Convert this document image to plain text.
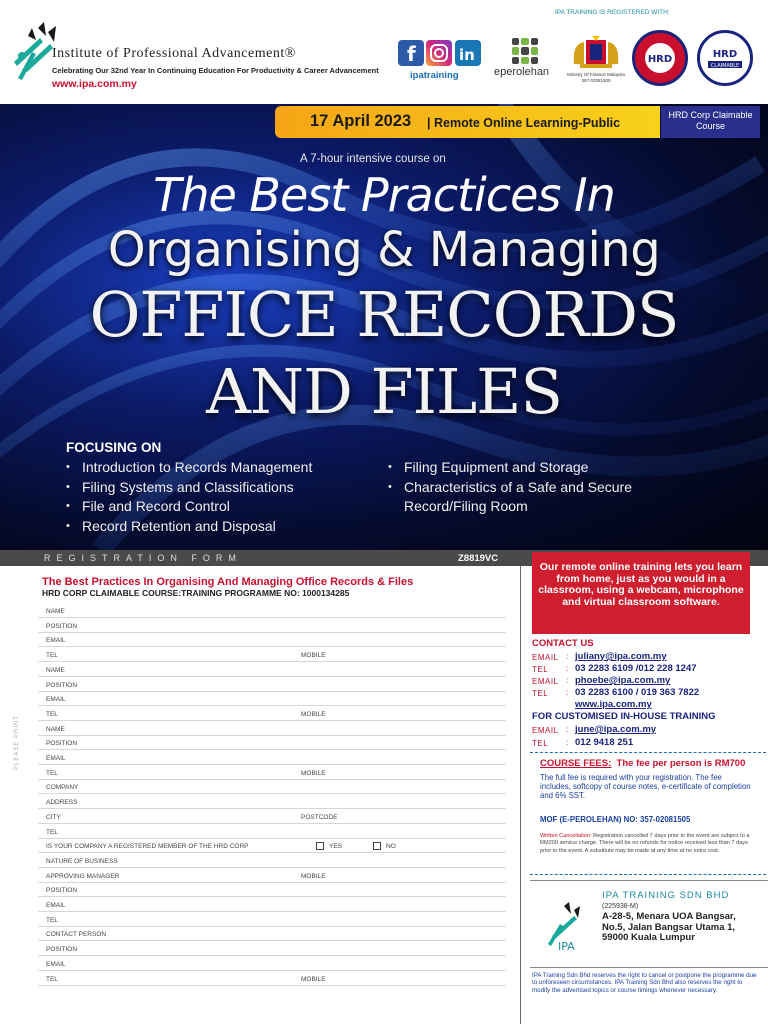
Institute of Professional Advancement®
Celebrating Our 32nd Year In Continuing Education For Productivity & Career Advancement
www.ipa.com.my
IPA TRAINING IS REGISTERED WITH:
f	in
ipatraining	eperolehan	Ministry Of Finance Malaysia
357-02081505
HRD	HRD
CLAIMABLE
17 April 2023 | Remote Online Learning-Public
HRD Corp Claimable Course
A 7-hour intensive course on
The Best Practices In
Organising & Managing
OFFICE RECORDS
AND FILES
FOCUSING ON
• Introduction to Records Management
• Filing Systems and Classifications
• File and Record Control
• Record Retention and Disposal
• Filing Equipment and Storage
• Characteristics of a Safe and Secure Record/Filing Room
REGISTRATION FORM	Z8819VC
The Best Practices In Organising And Managing Office Records & Files
HRD CORP CLAIMABLE COURSE:TRAINING PROGRAMME NO: 1000134285
PLEASE PRINT
NAME
POSITION
EMAIL
TEL	MOBILE
NAME
POSITION
EMAIL
TEL	MOBILE
NAME
POSITION
EMAIL
TEL	MOBILE
COMPANY
ADDRESS
CITY	POSTCODE
TEL
IS YOUR COMPANY A REGISTERED MEMBER OF THE HRD CORP	YES	NO
NATURE OF BUSINESS
APPROVING MANAGER	MOBILE
POSITION
EMAIL
TEL
CONTACT PERSON
POSITION
EMAIL
TEL	MOBILE
Our remote online training lets you learn from home, just as you would in a classroom, using a webcam, microphone and virtual classroom software.
CONTACT US
EMAIL : juliany@ipa.com.my
TEL : 03 2283 6109 /012 228 1247
EMAIL : phoebe@ipa.com.my
TEL : 03 2283 6100 / 019 363 7822
www.ipa.com.my
FOR CUSTOMISED IN-HOUSE TRAINING
EMAIL : june@ipa.com.my
TEL : 012 9418 251
COURSE FEES: The fee per person is RM700
The full fee is required with your registration. The fee includes, softcopy of course notes, e-certificate of completion and 6% SST.
MOF (E-PEROLEHAN) NO: 357-02081505
Written Cancellation: Registration cancelled 7 days prior to the event are subject to a RM200 service charge. There will be no refunds for notice received less than 7 days prior to the event. A substitute may be made at any time at no extra cost.
IPA
IPA TRAINING SDN BHD
(225938-M)
A-28-5, Menara UOA Bangsar,
No.5, Jalan Bangsar Utama 1,
59000 Kuala Lumpur
IPA Training Sdn Bhd reserves the right to cancel or postpone the programme due to unforeseen circumstances. IPA Training Sdn Bhd also reserves the right to modify the advertised topics or course timings whenever necessary.
